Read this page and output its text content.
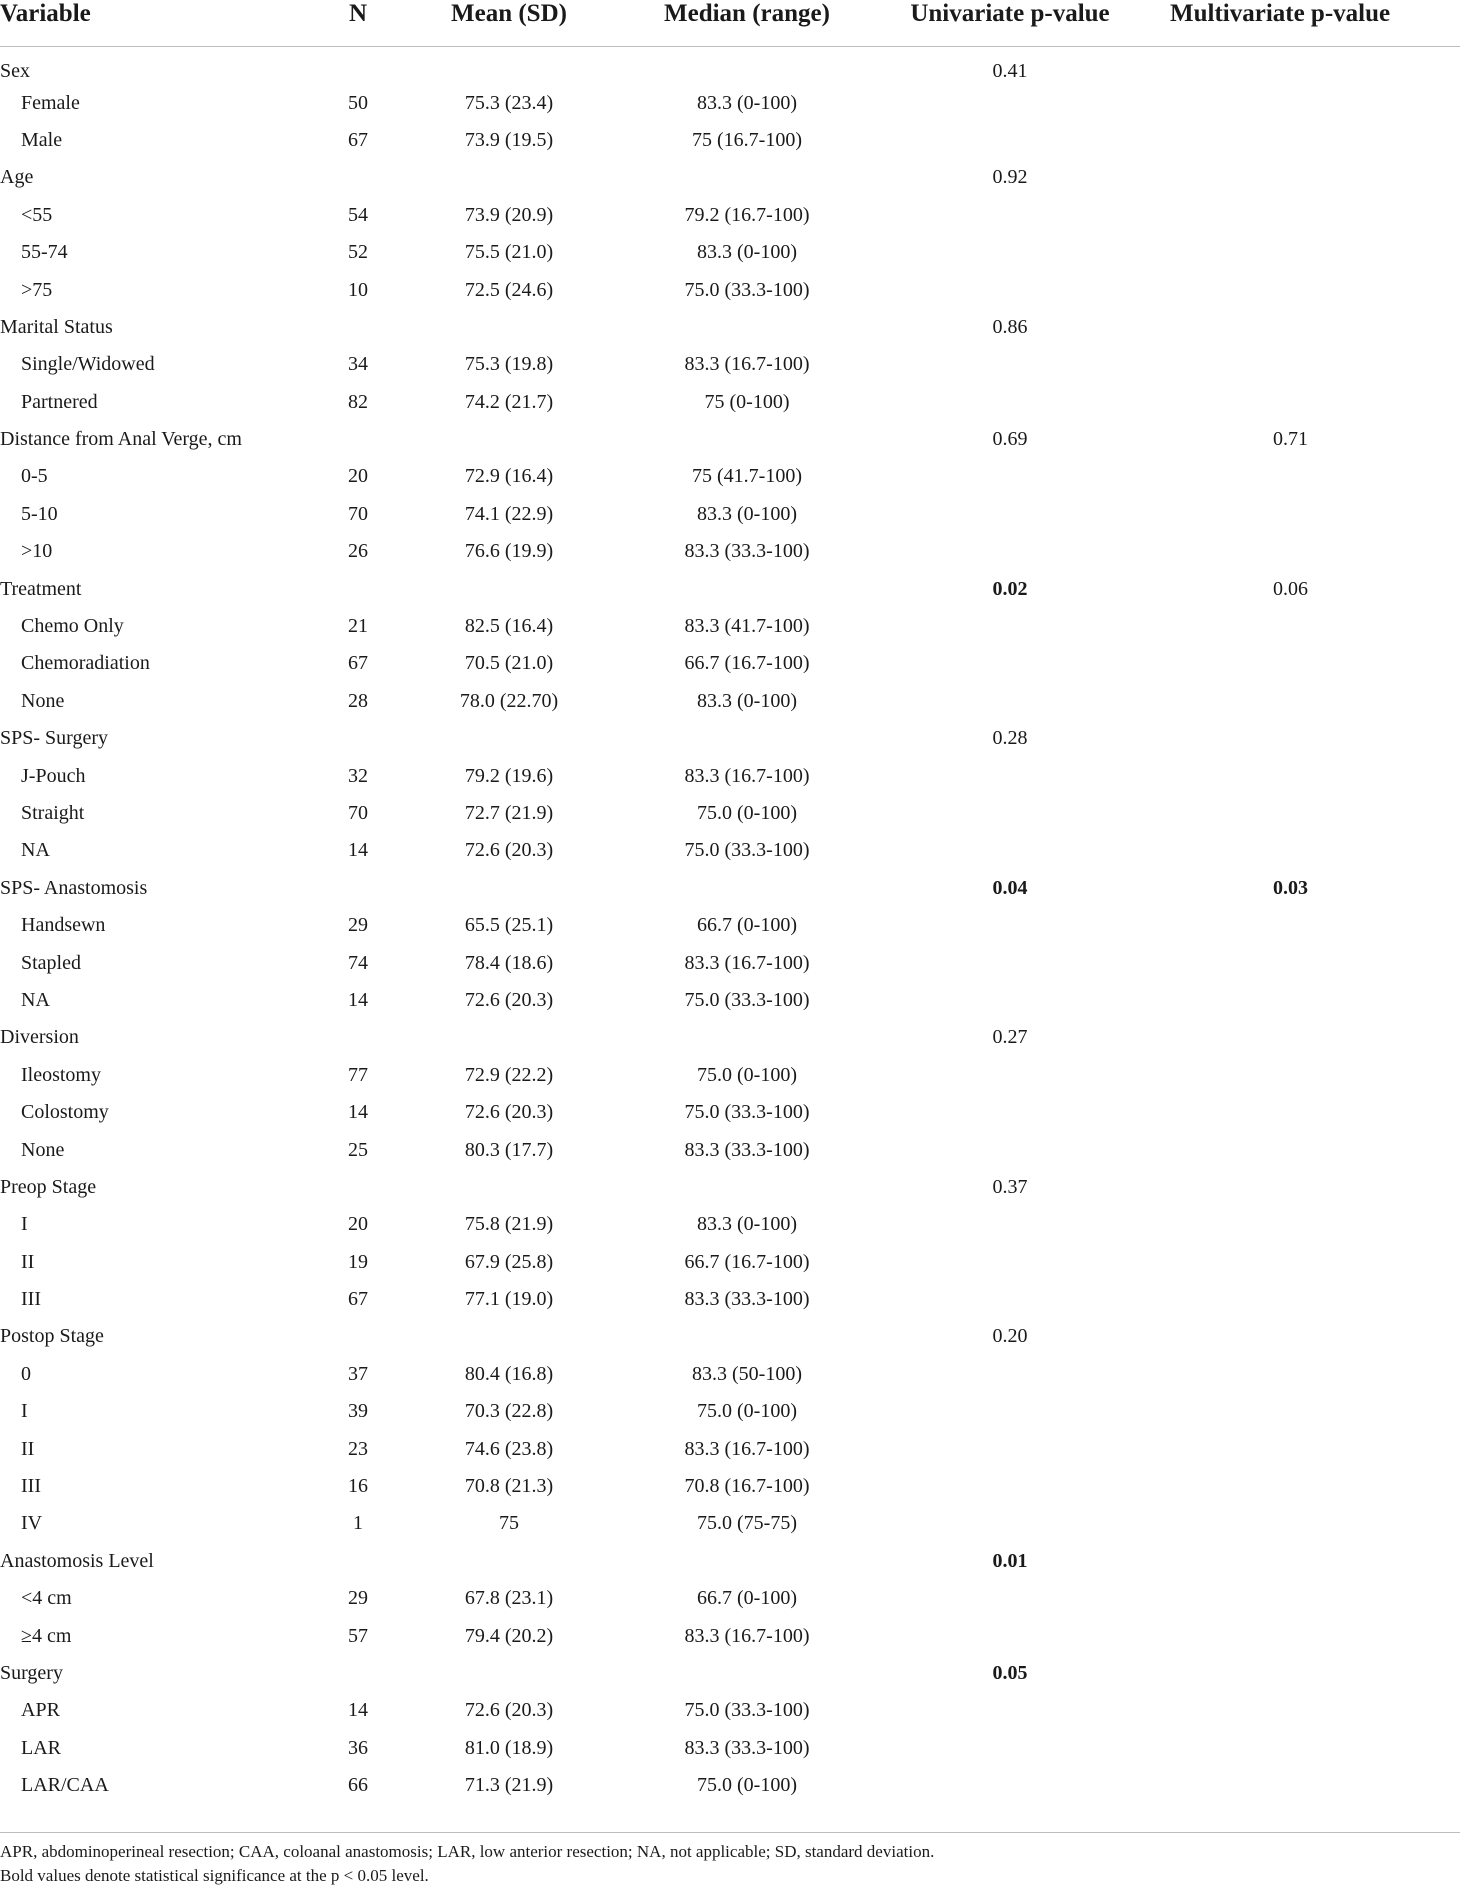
Variable	N	Mean (SD)	Median (range)	Univariate p-value	Multivariate p-value
Sex				0.41	
Female	50	75.3 (23.4)	83.3 (0-100)		
Male	67	73.9 (19.5)	75 (16.7-100)		
Age				0.92	
<55	54	73.9 (20.9)	79.2 (16.7-100)		
55-74	52	75.5 (21.0)	83.3 (0-100)		
>75	10	72.5 (24.6)	75.0 (33.3-100)		
Marital Status				0.86	
Single/Widowed	34	75.3 (19.8)	83.3 (16.7-100)		
Partnered	82	74.2 (21.7)	75 (0-100)		
Distance from Anal Verge, cm				0.69	0.71
0-5	20	72.9 (16.4)	75 (41.7-100)		
5-10	70	74.1 (22.9)	83.3 (0-100)		
>10	26	76.6 (19.9)	83.3 (33.3-100)		
Treatment				0.02	0.06
Chemo Only	21	82.5 (16.4)	83.3 (41.7-100)		
Chemoradiation	67	70.5 (21.0)	66.7 (16.7-100)		
None	28	78.0 (22.70)	83.3 (0-100)		
SPS- Surgery				0.28	
J-Pouch	32	79.2 (19.6)	83.3 (16.7-100)		
Straight	70	72.7 (21.9)	75.0 (0-100)		
NA	14	72.6 (20.3)	75.0 (33.3-100)		
SPS- Anastomosis				0.04	0.03
Handsewn	29	65.5 (25.1)	66.7 (0-100)		
Stapled	74	78.4 (18.6)	83.3 (16.7-100)		
NA	14	72.6 (20.3)	75.0 (33.3-100)		
Diversion				0.27	
Ileostomy	77	72.9 (22.2)	75.0 (0-100)		
Colostomy	14	72.6 (20.3)	75.0 (33.3-100)		
None	25	80.3 (17.7)	83.3 (33.3-100)		
Preop Stage				0.37	
I	20	75.8 (21.9)	83.3 (0-100)		
II	19	67.9 (25.8)	66.7 (16.7-100)		
III	67	77.1 (19.0)	83.3 (33.3-100)		
Postop Stage				0.20	
0	37	80.4 (16.8)	83.3 (50-100)		
I	39	70.3 (22.8)	75.0 (0-100)		
II	23	74.6 (23.8)	83.3 (16.7-100)		
III	16	70.8 (21.3)	70.8 (16.7-100)		
IV	1	75	75.0 (75-75)		
Anastomosis Level				0.01	
<4 cm	29	67.8 (23.1)	66.7 (0-100)		
≥4 cm	57	79.4 (20.2)	83.3 (16.7-100)		
Surgery				0.05	
APR	14	72.6 (20.3)	75.0 (33.3-100)		
LAR	36	81.0 (18.9)	83.3 (33.3-100)		
LAR/CAA	66	71.3 (21.9)	75.0 (0-100)		
APR, abdominoperineal resection; CAA, coloanal anastomosis; LAR, low anterior resection; NA, not applicable; SD, standard deviation.
Bold values denote statistical significance at the p < 0.05 level.
